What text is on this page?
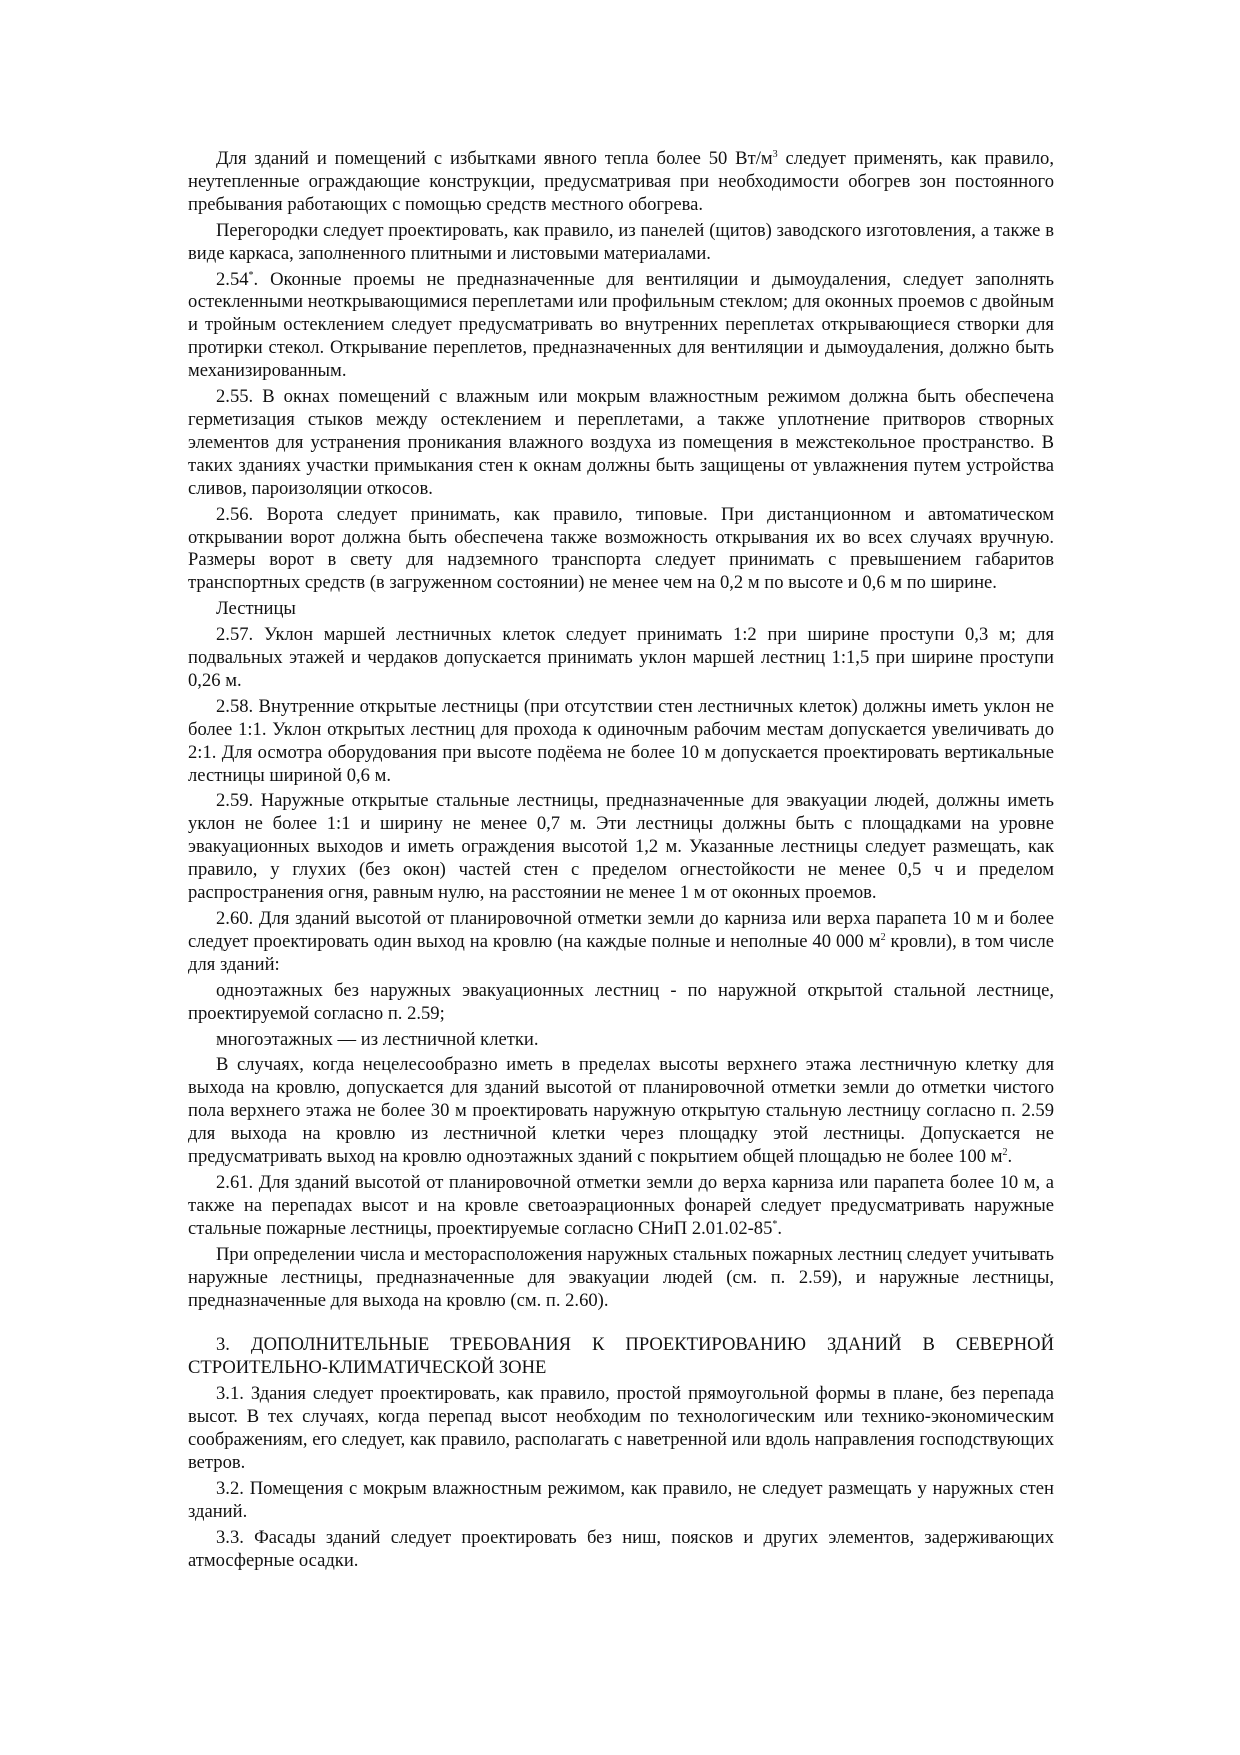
Для зданий и помещений с избытками явного тепла более 50 $Вт/м^3$ следует применять, как правило, неутепленные ограждающие конструкции, предусматривая при необходимости обогрев зон постоянного пребывания работающих с помощью средств местного обогрева.

Перегородки следует проектировать, как правило, из панелей (щитов) заводского изготовления, а также в виде каркаса, заполненного плитными и листовыми материалами.

2.54*. Оконные проемы не предназначенные для вентиляции и дымоудаления, следует заполнять остекленными неоткрывающимися переплетами или профильным стеклом; для оконных проемов с двойным и тройным остеклением следует предусматривать во внутренних переплетах открывающиеся створки для протирки стекол. Открывание переплетов, предназначенных для вентиляции и дымоудаления, должно быть механизированным.

2.55. В окнах помещений с влажным или мокрым влажностным режимом должна быть обеспечена герметизация стыков между остеклением и переплетами, а также уплотнение притворов створных элементов для устранения проникания влажного воздуха из помещения в межстекольное пространство. В таких зданиях участки примыкания стен к окнам должны быть защищены от увлажнения путем устройства сливов, пароизоляции откосов.

2.56. Ворота следует принимать, как правило, типовые. При дистанционном и автоматическом открывании ворот должна быть обеспечена также возможность открывания их во всех случаях вручную. Размеры ворот в свету для надземного транспорта следует принимать с превышением габаритов транспортных средств (в загруженном состоянии) не менее чем на 0,2 м по высоте и 0,6 м по ширине.

Лестницы

2.57. Уклон маршей лестничных клеток следует принимать 1:2 при ширине проступи 0,3 м; для подвальных этажей и чердаков допускается принимать уклон маршей лестниц 1:1,5 при ширине проступи 0,26 м.

2.58. Внутренние открытые лестницы (при отсутствии стен лестничных клеток) должны иметь уклон не более 1:1. Уклон открытых лестниц для прохода к одиночным рабочим местам допускается увеличивать до 2:1. Для осмотра оборудования при высоте подёема не более 10 м допускается проектировать вертикальные лестницы шириной 0,6 м.

2.59. Наружные открытые стальные лестницы, предназначенные для эвакуации людей, должны иметь уклон не более 1:1 и ширину не менее 0,7 м. Эти лестницы должны быть с площадками на уровне эвакуационных выходов и иметь ограждения высотой 1,2 м. Указанные лестницы следует размещать, как правило, у глухих (без окон) частей стен с пределом огнестойкости не менее 0,5 ч и пределом распространения огня, равным нулю, на расстоянии не менее 1 м от оконных проемов.

2.60. Для зданий высотой от планировочной отметки земли до карниза или верха парапета 10 м и более следует проектировать один выход на кровлю (на каждые полные и неполные 40 000 $м^2$ кровли), в том числе для зданий:

одноэтажных без наружных эвакуационных лестниц - по наружной открытой стальной лестнице, проектируемой согласно п. 2.59;

многоэтажных — из лестничной клетки.

В случаях, когда нецелесообразно иметь в пределах высоты верхнего этажа лестничную клетку для выхода на кровлю, допускается для зданий высотой от планировочной отметки земли до отметки чистого пола верхнего этажа не более 30 м проектировать наружную открытую стальную лестницу согласно п. 2.59 для выхода на кровлю из лестничной клетки через площадку этой лестницы. Допускается не предусматривать выход на кровлю одноэтажных зданий с покрытием общей площадью не более 100 $м^2$.

2.61. Для зданий высотой от планировочной отметки земли до верха карниза или парапета более 10 м, а также на перепадах высот и на кровле светоаэрационных фонарей следует предусматривать наружные стальные пожарные лестницы, проектируемые согласно СНиП 2.01.02-85*.

При определении числа и месторасположения наружных стальных пожарных лестниц следует учитывать наружные лестницы, предназначенные для эвакуации людей (см. п. 2.59), и наружные лестницы, предназначенные для выхода на кровлю (см. п. 2.60).

3. ДОПОЛНИТЕЛЬНЫЕ ТРЕБОВАНИЯ К ПРОЕКТИРОВАНИЮ ЗДАНИЙ В СЕВЕРНОЙ СТРОИТЕЛЬНО-КЛИМАТИЧЕСКОЙ ЗОНЕ

3.1. Здания следует проектировать, как правило, простой прямоугольной формы в плане, без перепада высот. В тех случаях, когда перепад высот необходим по технологическим или технико-экономическим соображениям, его следует, как правило, располагать с наветренной или вдоль направления господствующих ветров.

3.2. Помещения с мокрым влажностным режимом, как правило, не следует размещать у наружных стен зданий.

3.3. Фасады зданий следует проектировать без ниш, поясков и других элементов, задерживающих атмосферные осадки.
